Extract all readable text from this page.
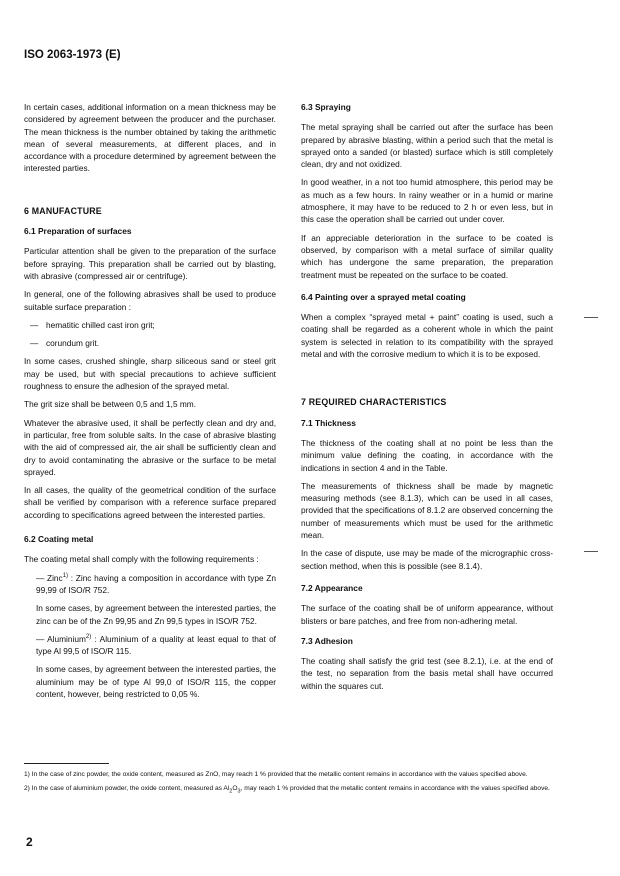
ISO 2063-1973 (E)

In certain cases, additional information on a mean thickness may be considered by agreement between the producer and the purchaser. The mean thickness is the number obtained by taking the arithmetic mean of several measurements, at different places, and in accordance with a procedure determined by agreement between the interested parties.

6 MANUFACTURE
6.1 Preparation of surfaces

Particular attention shall be given to the preparation of the surface before spraying. This preparation shall be carried out by blasting, with abrasive (compressed air or centrifuge).

In general, one of the following abrasives shall be used to produce suitable surface preparation :

— hematitic chilled cast iron grit;
— corundum grit.

In some cases, crushed shingle, sharp siliceous sand or steel grit may be used, but with special precautions to achieve sufficient roughness to ensure the adhesion of the sprayed metal.

The grit size shall be between 0,5 and 1,5 mm.

Whatever the abrasive used, it shall be perfectly clean and dry and, in particular, free from soluble salts. In the case of abrasive blasting with the aid of compressed air, the air shall be sufficiently clean and dry to avoid contaminating the abrasive or the surface to be metal sprayed.

In all cases, the quality of the geometrical condition of the surface shall be verified by comparison with a reference surface prepared according to specifications agreed between the interested parties.

6.2 Coating metal

The coating metal shall comply with the following requirements :

— Zinc$^{1)}$ : Zinc having a composition in accordance with type Zn 99,99 of ISO/R 752.

In some cases, by agreement between the interested parties, the zinc can be of the Zn 99,95 and Zn 99,5 types in ISO/R 752.

— Aluminium$^{2)}$ : Aluminium of a quality at least equal to that of type Al 99,5 of ISO/R 115.

In some cases, by agreement between the interested parties, the aluminium may be of type Al 99,0 of ISO/R 115, the copper content, however, being restricted to 0,05 %.

6.3 Spraying

The metal spraying shall be carried out after the surface has been prepared by abrasive blasting, within a period such that the metal is sprayed onto a sanded (or blasted) surface which is still completely clean, dry and not oxidized.

In good weather, in a not too humid atmosphere, this period may be as much as a few hours. In rainy weather or in a humid or marine atmosphere, it may have to be reduced to 2 h or even less, but in this case the operation shall be carried out under cover.

If an appreciable deterioration in the surface to be coated is observed, by comparison with a metal surface of similar quality which has undergone the same preparation, the preparation treatment must be repeated on the surface to be coated.

6.4 Painting over a sprayed metal coating

When a complex “sprayed metal + paint” coating is used, such a coating shall be regarded as a coherent whole in which the paint system is selected in relation to its compatibility with the sprayed metal and with the corrosive medium to which it is to be exposed.

7 REQUIRED CHARACTERISTICS
7.1 Thickness

The thickness of the coating shall at no point be less than the minimum value defining the coating, in accordance with the indications in section 4 and in the Table.

The measurements of thickness shall be made by magnetic measuring methods (see 8.1.3), which can be used in all cases, provided that the specifications of 8.1.2 are observed concerning the number of measurements which must be used for the arithmetic mean.

In the case of dispute, use may be made of the micrographic cross-section method, when this is possible (see 8.1.4).

7.2 Appearance

The surface of the coating shall be of uniform appearance, without blisters or bare patches, and free from non-adhering metal.

7.3 Adhesion

The coating shall satisfy the grid test (see 8.2.1), i.e. at the end of the test, no separation from the basis metal shall have occurred within the squares cut.

1) In the case of zinc powder, the oxide content, measured as ZnO, may reach 1 % provided that the metallic content remains in accordance with the values specified above.

2) In the case of aluminium powder, the oxide content, measured as $Al_2O_3$, may reach 1 % provided that the metallic content remains in accordance with the values specified above.

2
